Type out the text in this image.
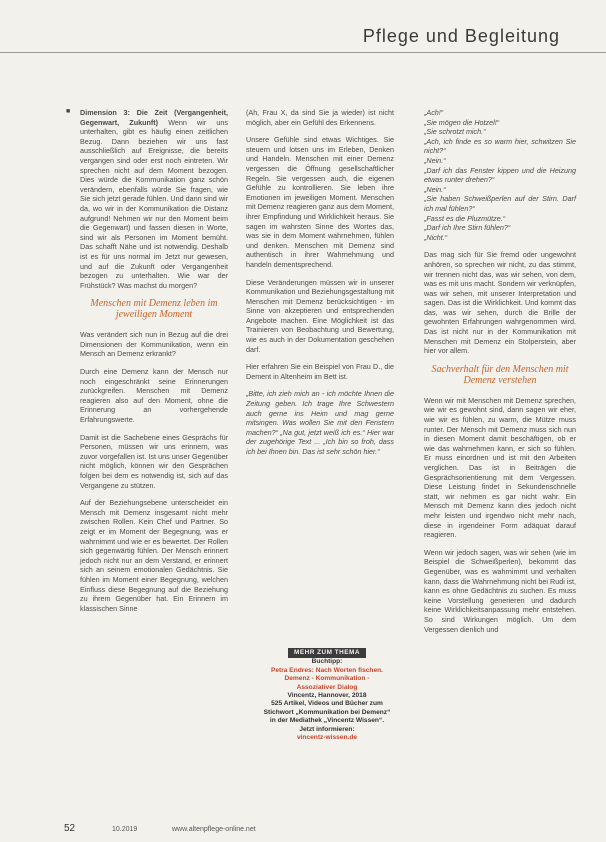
Pflege und Begleitung
■ Dimension 3: Die Zeit (Vergangenheit, Gegenwart, Zukunft) Wenn wir uns unterhalten, gibt es häufig einen zeitlichen Bezug. Dann beziehen wir uns fast ausschließlich auf Ereignisse, die bereits vergangen sind oder erst noch eintreten. Wir sprechen nicht auf dem Moment bezogen. Dies würde die Kommunikation ganz schön verändern, ebenfalls würde Sie fragen, wie Sie sich jetzt gerade fühlen. Und dann sind wir da, wo wir in der Kommunikation die Distanz aufgrund! Nehmen wir nur den Moment beim die Gegenwart) und fassen diesen in Worte, sind wir als Personen im Moment bemüht. Das schafft Nähe und ist notwendig. Deshalb ist es für uns normal im Jetzt nur gewesen, und auf die Zukunft oder Vergangenheit bezogen zu unterhalten. Wie war der Frühstück? Was machst du morgen?

Menschen mit Demenz leben im jeweiligen Moment

Was verändert sich nun in Bezug auf die drei Dimensionen der Kommunikation, wenn ein Mensch an Demenz erkrankt?

Durch eine Demenz kann der Mensch nur noch eingeschränkt seine Erinnerungen zurückgreifen. Menschen mit Demenz reagieren also auf den Moment, ohne die Erinnerung an vorhergehende Erfahrungswerte.

Damit ist die Sachebene eines Gesprächs für Personen, müssen wir uns erinnern, was zuvor vorgefallen ist. Ist uns unser Gegenüber nicht möglich, können wir den Gesprächen folgen bei dem es notwendig ist, sich auf das Vergangene zu stützen.

Auf der Beziehungsebene unterscheidet ein Mensch mit Demenz insgesamt nicht mehr zwischen Rollen. Kein Chef und Partner. So zeigt er im Moment der Begegnung, was er wahrnimmt und wie er es bewertet. Der Rollen sich gegenwärtig fühlen. Der Mensch erinnert jedoch nicht nur an dem Verstand, er erinnert sich an seinem emotionalen Gedächtnis. Sie fühlen im Moment einer Begegnung, welchen Einfluss diese Begegnung auf die Beziehung zu ihrem Gegenüber hat. Ein Erinnern im klassischen Sinne

(Ah, Frau X, da sind Sie ja wieder) ist nicht möglich, aber ein Gefühl des Erkennens.

Unsere Gefühle sind etwas Wichtiges. Sie steuern und lotsen uns im Erleben, Denken und Handeln. Menschen mit einer Demenz vergessen die Öffnung gesellschaftlicher Regeln. Sie vergessen auch, die eigenen Gefühle zu kontrollieren. Sie leben ihre Emotionen im jeweiligen Moment. Menschen mit Demenz reagieren ganz aus dem Moment, ihrer Empfindung und Wirklichkeit heraus. Sie sagen im wahrsten Sinne des Wortes das, was sie in dem Moment wahrnehmen, fühlen und denken. Menschen mit Demenz sind authentisch in ihrer Wahrnehmung und handeln dementsprechend.

Diese Veränderungen müssen wir in unserer Kommunikation und Beziehungsgestaltung mit Menschen mit Demenz berücksichtigen - im Sinne von akzeptieren und entsprechenden Angebote machen. Eine Möglichkeit ist das Trainieren von Beobachtung und Bewertung, wie es auch in der Dokumentation geschehen darf.

Hier erfahren Sie ein Beispiel von Frau D., die Dement in Altenheim im Bett ist.

„Bitte, ich zieh mich an - ich möchte Ihnen die Zeitung geben. Ich trage Ihre Schwestern auch gerne ins Heim und mag gerne mitsingen. Was wollen Sie mit den Fenstern machen?“ „Na gut, jetzt weiß ich es.“ Hier war der zugehörige Text ... „Ich bin so froh, dass ich bei Ihnen bin. Das ist sehr schön hier.“

MEHR ZUM THEMA
Buchtipp:
Petra Endres: Nach Worten fischen.
Demenz - Kommunikation -
Assoziativer Dialog
Vincentz, Hannover, 2018
525 Artikel, Videos und Bücher zum Stichwort „Kommunikation bei Demenz“ in der Mediathek „Vincentz Wissen“. Jetzt informieren:
vincentz-wissen.de
„Ach!“
„Sie mögen die Hotzel!“
„Sie schrotzt mich.“
„Ach, ich finde es so warm hier, schwitzen Sie nicht?“
„Nein.“
„Darf ich das Fenster kippen und die Heizung etwas runter drehen?“
„Nein.“
„Sie haben Schweißperlen auf der Stirn. Darf ich mal fühlen?“
„Fasst es die Pluzmütze.“
„Darf ich Ihre Stirn fühlen?“
„Nicht.“

Das mag sich für Sie fremd oder ungewohnt anhören, so sprechen wir nicht, zu das stimmt, wir trennen nicht das, was wir sehen, von dem, was es mit uns macht. Sondern wir verknüpfen, was wir sehen, mit unserer Interpretation und sagen. Das ist die Wirklichkeit. Und kommt das das, was wir sehen, durch die Brille der gewohnten Erfahrungen wahrgenommen wird. Das ist nicht nur in der Kommunikation mit Menschen mit Demenz ein Stolperstein, aber hier vor allem.

Sachverhalt für den Menschen mit Demenz verstehen

Wenn wir mit Menschen mit Demenz sprechen, wie wir es gewohnt sind, dann sagen wir eher, wie wir es fühlen, zu warm, die Mütze muss runter. Der Mensch mit Demenz muss sich nun in diesen Moment damit beschäftigen, ob er wie das wahrnehmen kann, er sich so fühlen. Er muss einordnen und ist mit den Arbeiten verglichen. Das ist in Beiträgen die Gesprächsorientierung mit dem Vergessen. Diese Leistung findet in Sekundenschnelle statt, wir nehmen es gar nicht wahr. Ein Mensch mit Demenz kann dies jedoch nicht mehr leisten und irgendwo nicht mehr nach, diese in irgendeiner Form adäquat darauf reagieren.

Wenn wir jedoch sagen, was wir sehen (wie im Beispiel die Schweißperlen), bekommt das Gegenüber, was es wahrnimmt und verhalten kann, dass die Wahrnehmung nicht bei Rudi ist, kann es ohne Gedächtnis zu suchen. Es muss keine Vorstellung generieren und dadurch keine Wirklichkeitsanpassung mehr entstehen. So sind Wirkungen möglich. Um dem Vergessen dienlich und

52	10.2019	www.altenpflege-online.net
